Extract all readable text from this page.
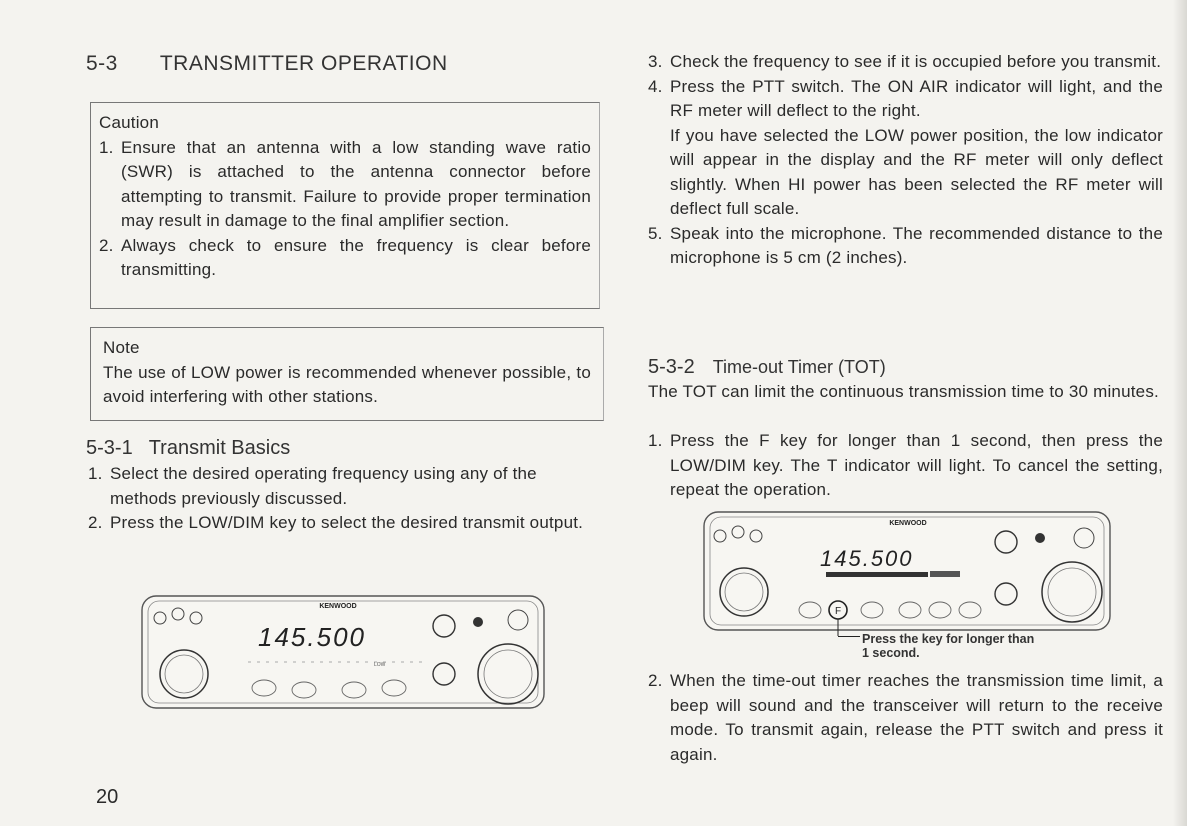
5-3 TRANSMITTER OPERATION
Caution
1. Ensure that an antenna with a low standing wave ratio (SWR) is attached to the antenna connector before attempting to transmit. Failure to provide proper termination may result in damage to the final amplifier section.
2. Always check to ensure the frequency is clear before transmitting.
Note
The use of LOW power is recommended whenever possible, to avoid interfering with other stations.
5-3-1 Transmit Basics
1. Select the desired operating frequency using any of the methods previously discussed.
2. Press the LOW/DIM key to select the desired transmit output.
KENWOOD
145.500
LOW
3. Check the frequency to see if it is occupied before you transmit.
4. Press the PTT switch. The ON AIR indicator will light, and the RF meter will deflect to the right.
If you have selected the LOW power position, the low indicator will appear in the display and the RF meter will only deflect slightly. When HI power has been selected the RF meter will deflect full scale.
5. Speak into the microphone. The recommended distance to the microphone is 5 cm (2 inches).
5-3-2 Time-out Timer (TOT)
The TOT can limit the continuous transmission time to 30 minutes.
1. Press the F key for longer than 1 second, then press the LOW/DIM key. The T indicator will light. To cancel the setting, repeat the operation.
KENWOOD
145.500
F
Press the key for longer than
1 second.
2. When the time-out timer reaches the transmission time limit, a beep will sound and the transceiver will return to the receive mode. To transmit again, release the PTT switch and press it again.
20
